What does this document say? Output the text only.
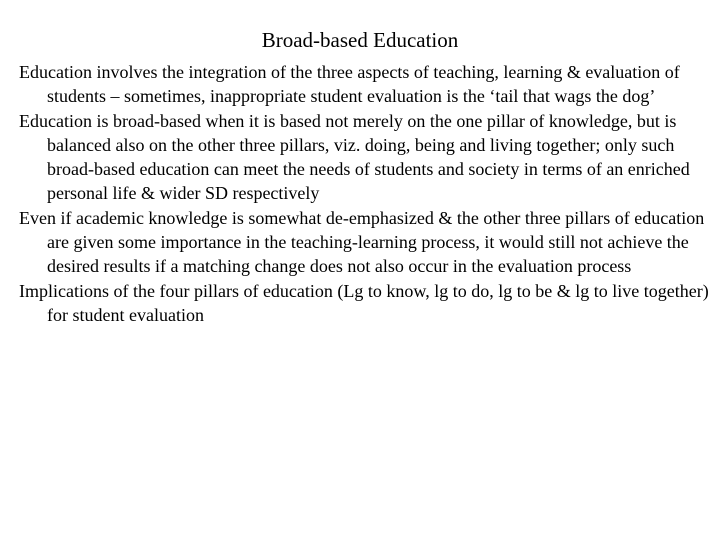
Broad-based Education
Education involves the integration of the three aspects of teaching, learning & evaluation of students – sometimes, inappropriate student evaluation is the ‘tail that wags the dog’
Education is broad-based when it is based not merely on the one pillar of knowledge, but is balanced also on the other three pillars, viz. doing, being and living together; only such broad-based education can meet the needs of students and society in terms of an enriched personal life & wider SD respectively
Even if academic knowledge is somewhat de-emphasized & the other three pillars of education are given some importance in the teaching-learning process, it would still not achieve the desired results if a matching change does not also occur in the evaluation process
Implications of the four pillars of education (Lg to know, lg to do, lg to be & lg to live together) for student evaluation
